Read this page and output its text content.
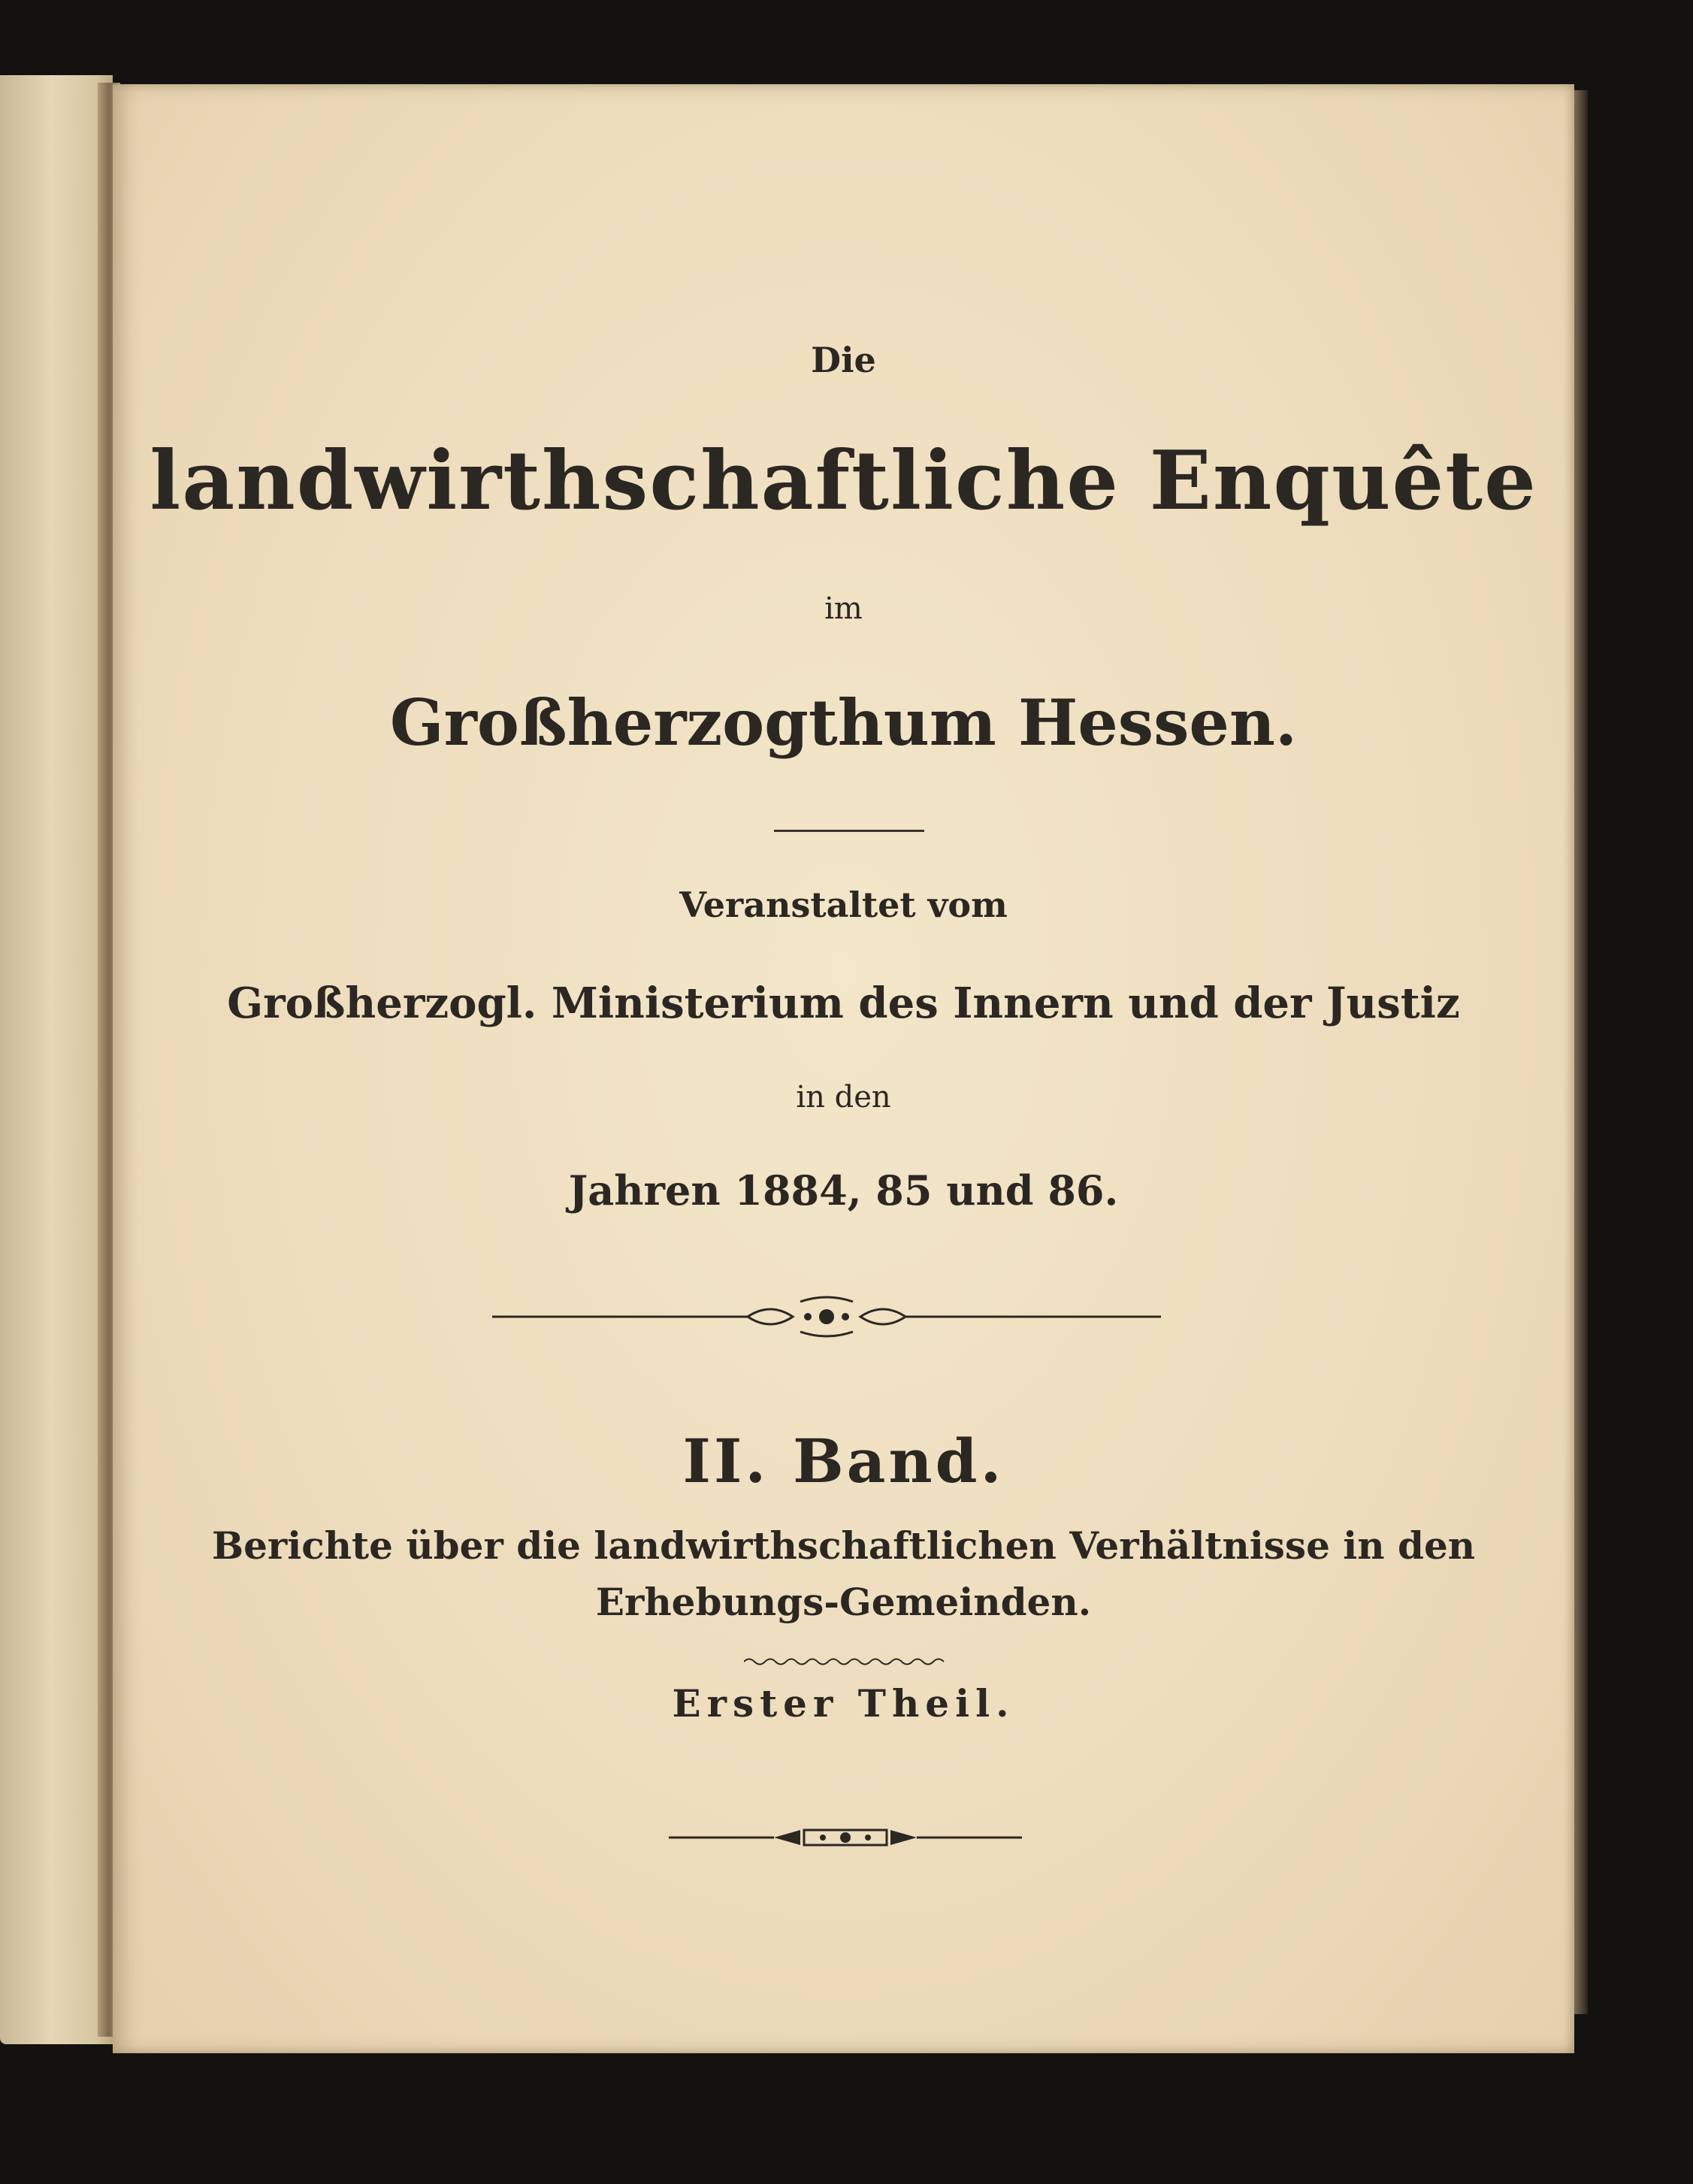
Die
landwirthschaftliche Enquête
im
Großherzogthum Hessen.
Veranstaltet vom
Großherzogl. Ministerium des Innern und der Justiz
in den
Jahren 1884, 85 und 86.
II. Band.
Berichte über die landwirthschaftlichen Verhältnisse in den
Erhebungs-Gemeinden.
Erster Theil.
